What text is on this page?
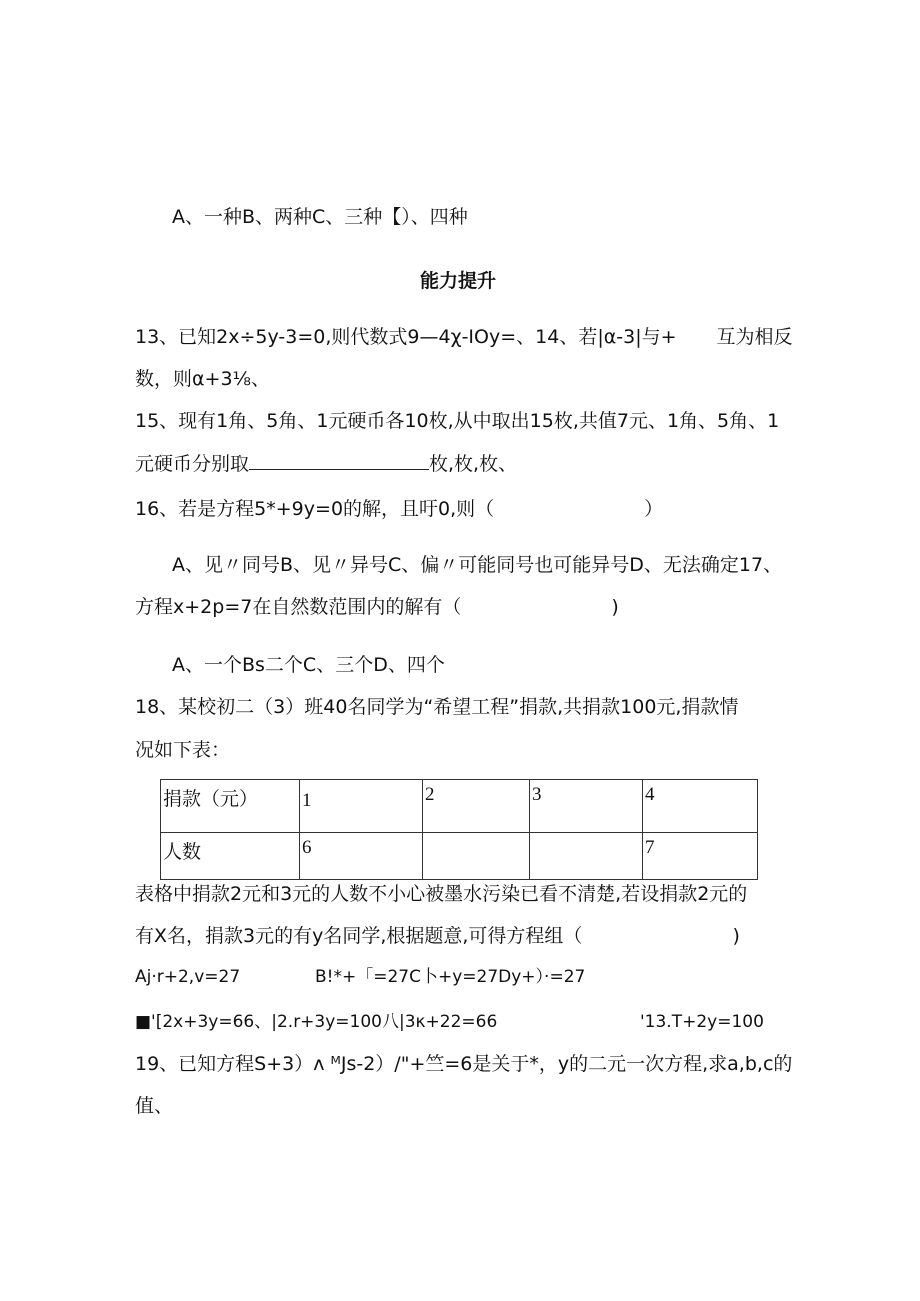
A、一种B、两种C、三种【）、四种
能力提升
13、已知2x÷5y-3=0,则代数式9—4χ-IOy=、14、若|α-3|与+ 互为相反
数，则α+3⅛、
15、现有1角、5角、1元硬币各10枚,从中取出15枚,共值7元、1角、5角、1
元硬币分别取	枚,枚,枚、
16、若是方程5*+9y=0的解，且吁0,则（	）
A、见〃同号B、见〃异号C、偏〃可能同号也可能异号D、无法确定17、
方程x+2p=7在自然数范围内的解有（	)
A、一个Bs二个C、三个D、四个
18、某校初二（3）班40名同学为“希望工程”捐款,共捐款100元,捐款情
况如下表：
捐款（元）	1	2	3	4
人数	6			7
表格中捐款2元和3元的人数不小心被墨水污染已看不清楚,若设捐款2元的
有X名，捐款3元的有y名同学,根据题意,可得方程组（	)
Aj·r+2,v=27	B!*+「=27C卜+y=27Dy+）·=27
■'[2x+3y=66、|2.r+3y=100八|3κ+22=66	'13.T+2y=100
19、已知方程S+3）ʌ ᴹJs-2）/"+竺=6是关于*，y的二元一次方程,求a,b,c的
值、
